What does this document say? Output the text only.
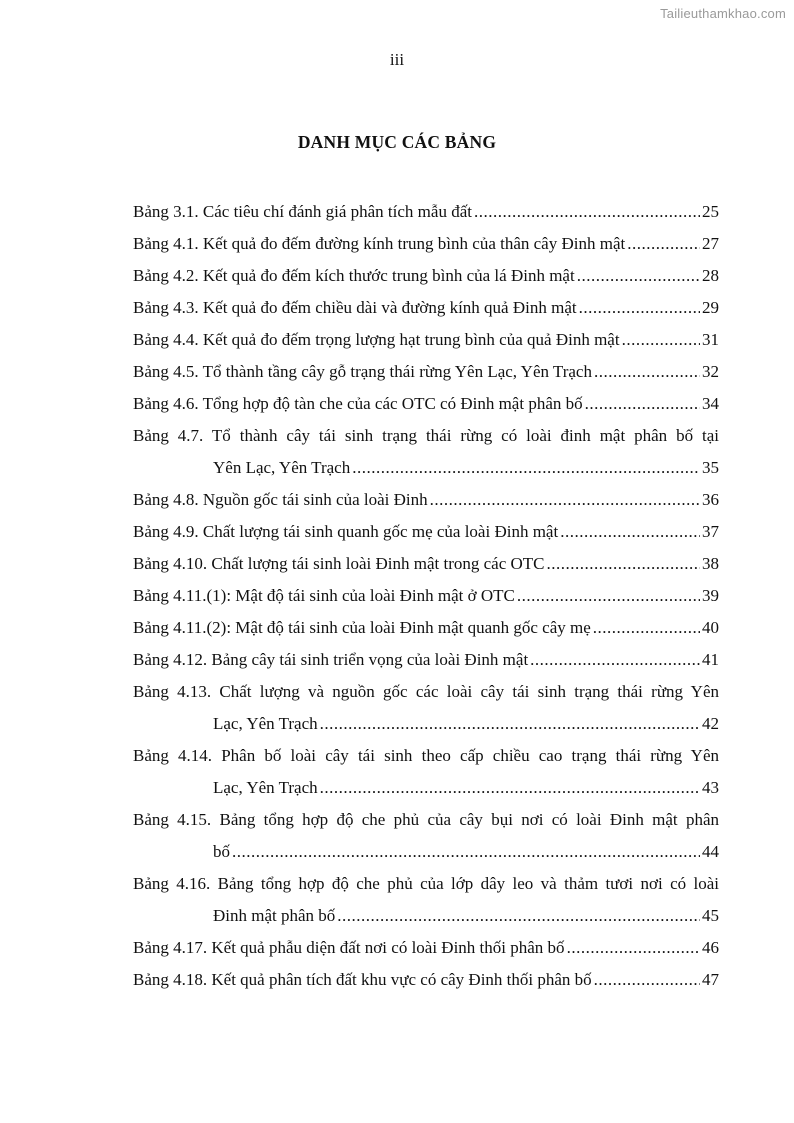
Tailieuthamkhao.com
iii
DANH MỤC CÁC BẢNG
Bảng 3.1. Các tiêu chí đánh giá phân tích mẫu đất .....	25
Bảng 4.1. Kết quả đo đếm đường kính trung bình của thân cây Đinh mật .....	27
Bảng 4.2. Kết quả đo đếm kích thước trung bình của lá Đinh mật .....	28
Bảng 4.3. Kết quả đo đếm chiều dài và đường kính quả Đinh mật .....	29
Bảng 4.4. Kết quả đo đếm trọng lượng hạt trung bình của quả Đinh mật .....	31
Bảng 4.5. Tổ thành tầng cây gỗ trạng thái rừng Yên Lạc, Yên Trạch .....	32
Bảng 4.6. Tổng hợp độ tàn che của các OTC có Đinh mật phân bố .....	34
Bảng 4.7. Tổ thành cây tái sinh trạng thái rừng có loài đinh mật phân bố tại
Yên Lạc, Yên Trạch .....	35
Bảng 4.8. Nguồn gốc tái sinh của loài Đinh .....	36
Bảng 4.9. Chất lượng tái sinh quanh gốc mẹ của loài Đinh mật .....	37
Bảng 4.10. Chất lượng tái sinh loài Đinh mật trong các OTC .....	38
Bảng 4.11.(1): Mật độ tái sinh của loài Đinh mật ở OTC .....	39
Bảng 4.11.(2): Mật độ tái sinh của loài Đinh mật quanh gốc cây mẹ .....	40
Bảng 4.12. Bảng cây tái sinh triển vọng của loài Đinh mật .....	41
Bảng 4.13. Chất lượng và nguồn gốc các loài cây tái sinh trạng thái rừng Yên
Lạc, Yên Trạch .....	42
Bảng 4.14. Phân bố loài cây tái sinh theo cấp chiều cao trạng thái rừng Yên
Lạc, Yên Trạch .....	43
Bảng 4.15. Bảng tổng hợp độ che phủ của cây bụi nơi có loài Đinh mật phân
bố .....	44
Bảng 4.16. Bảng tổng hợp độ che phủ của lớp dây leo và thảm tươi nơi có loài
Đinh mật phân bố .....	45
Bảng 4.17. Kết quả phẫu diện đất nơi có loài Đinh thối phân bố .....	46
Bảng 4.18. Kết quả phân tích đất khu vực có cây Đinh thối phân bố .....	47
